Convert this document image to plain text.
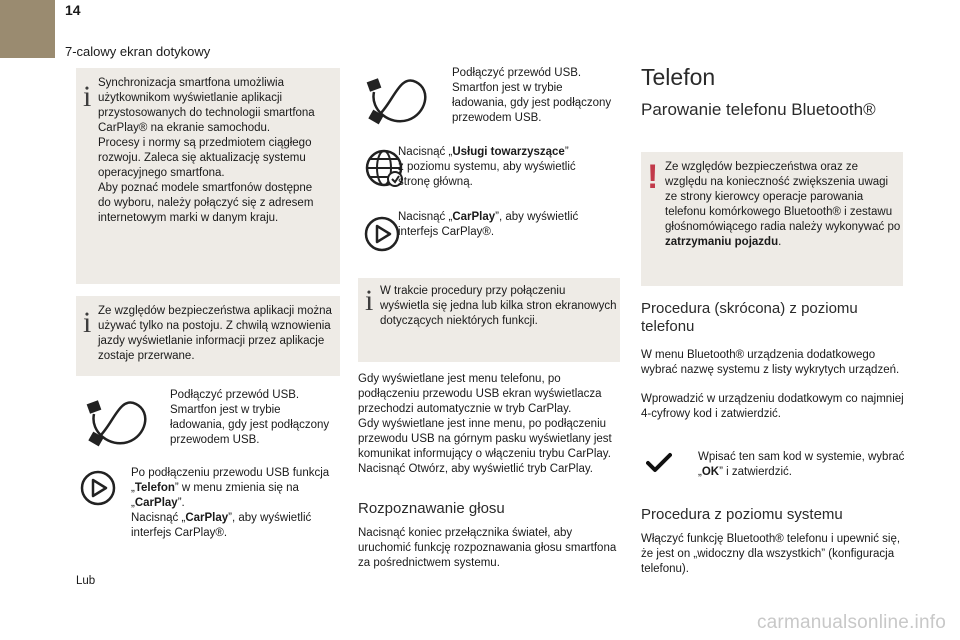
14
7-calowy ekran dotykowy
i Synchronizacja smartfona umożliwia
użytkownikom wyświetlanie aplikacji
przystosowanych do technologii smartfona
CarPlay® na ekranie samochodu.
Procesy i normy są przedmiotem ciągłego
rozwoju. Zaleca się aktualizację systemu
operacyjnego smartfona.
Aby poznać modele smartfonów dostępne
do wyboru, należy połączyć się z adresem
internetowym marki w danym kraju.
i Ze względów bezpieczeństwa aplikacji można
używać tylko na postoju. Z chwilą wznowienia
jazdy wyświetlanie informacji przez aplikacje
zostaje przerwane.
Podłączyć przewód USB.
Smartfon jest w trybie
ładowania, gdy jest podłączony
przewodem USB.
Po podłączeniu przewodu USB funkcja
„Telefon” w menu zmienia się na
„CarPlay”.
Nacisnąć „CarPlay”, aby wyświetlić
interfejs CarPlay®.
Lub
Podłączyć przewód USB.
Smartfon jest w trybie
ładowania, gdy jest podłączony
przewodem USB.
Nacisnąć „Usługi towarzyszące”
z poziomu systemu, aby wyświetlić
stronę główną.
Nacisnąć „CarPlay”, aby wyświetlić
interfejs CarPlay®.
i W trakcie procedury przy połączeniu
wyświetla się jedna lub kilka stron ekranowych
dotyczących niektórych funkcji.
Gdy wyświetlane jest menu telefonu, po
podłączeniu przewodu USB ekran wyświetlacza
przechodzi automatycznie w tryb CarPlay.
Gdy wyświetlane jest inne menu, po podłączeniu
przewodu USB na górnym pasku wyświetlany jest
komunikat informujący o włączeniu trybu CarPlay.
Nacisnąć Otwórz, aby wyświetlić tryb CarPlay.
Rozpoznawanie głosu
Nacisnąć koniec przełącznika świateł, aby
uruchomić funkcję rozpoznawania głosu smartfona
za pośrednictwem systemu.
Telefon
Parowanie telefonu Bluetooth®
! Ze względów bezpieczeństwa oraz ze
względu na konieczność zwiększenia uwagi
ze strony kierowcy operacje parowania
telefonu komórkowego Bluetooth® i zestawu
głośnomówiącego radia należy wykonywać po
zatrzymaniu pojazdu.
Procedura (skrócona) z poziomu
telefonu
W menu Bluetooth® urządzenia dodatkowego
wybrać nazwę systemu z listy wykrytych urządzeń.
Wprowadzić w urządzeniu dodatkowym co najmniej
4-cyfrowy kod i zatwierdzić.
Wpisać ten sam kod w systemie, wybrać
„OK” i zatwierdzić.
Procedura z poziomu systemu
Włączyć funkcję Bluetooth® telefonu i upewnić się,
że jest on „widoczny dla wszystkich” (konfiguracja
telefonu).
carmanualsonline.info
